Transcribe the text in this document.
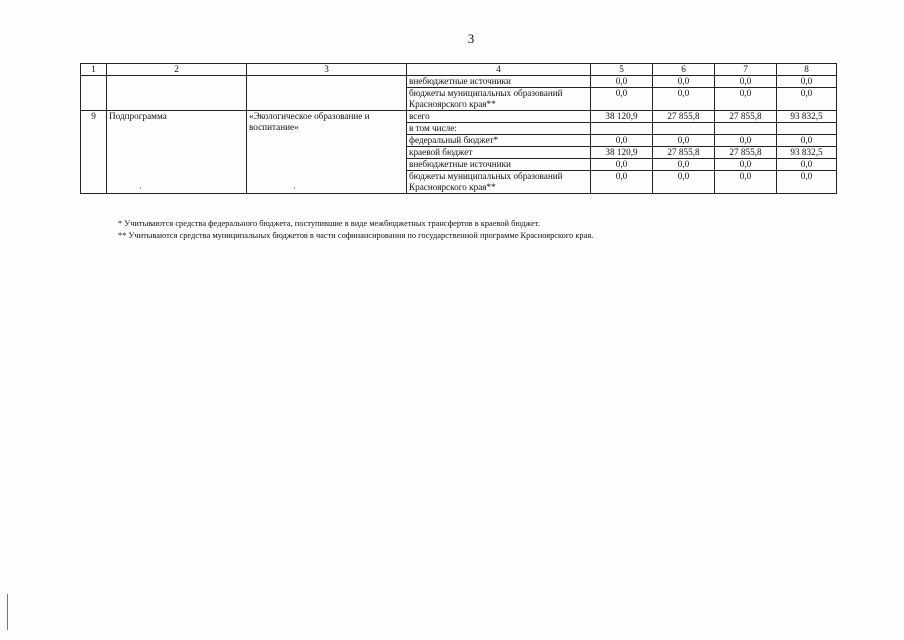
3
1	2	3	4	5	6	7	8
			внебюджетные источники	0,0	0,0	0,0	0,0
			бюджеты муниципальных образований Красноярского края**	0,0	0,0	0,0	0,0
9	Подпрограмма	«Экологическое образование и воспитание»	всего	38 120,9	27 855,8	27 855,8	93 832,5
			в том числе:				
			федеральный бюджет*	0,0	0,0	0,0	0,0
			краевой бюджет	38 120,9	27 855,8	27 855,8	93 832,5
			внебюджетные источники	0,0	0,0	0,0	0,0
			бюджеты муниципальных образований Красноярского края**	0,0	0,0	0,0	0,0
·	·
* Учитываются средства федерального бюджета, поступившие в виде межбюджетных трансфертов в краевой бюджет.
** Учитываются средства муниципальных бюджетов в части софинансирования по государственной программе Красноярского края.
